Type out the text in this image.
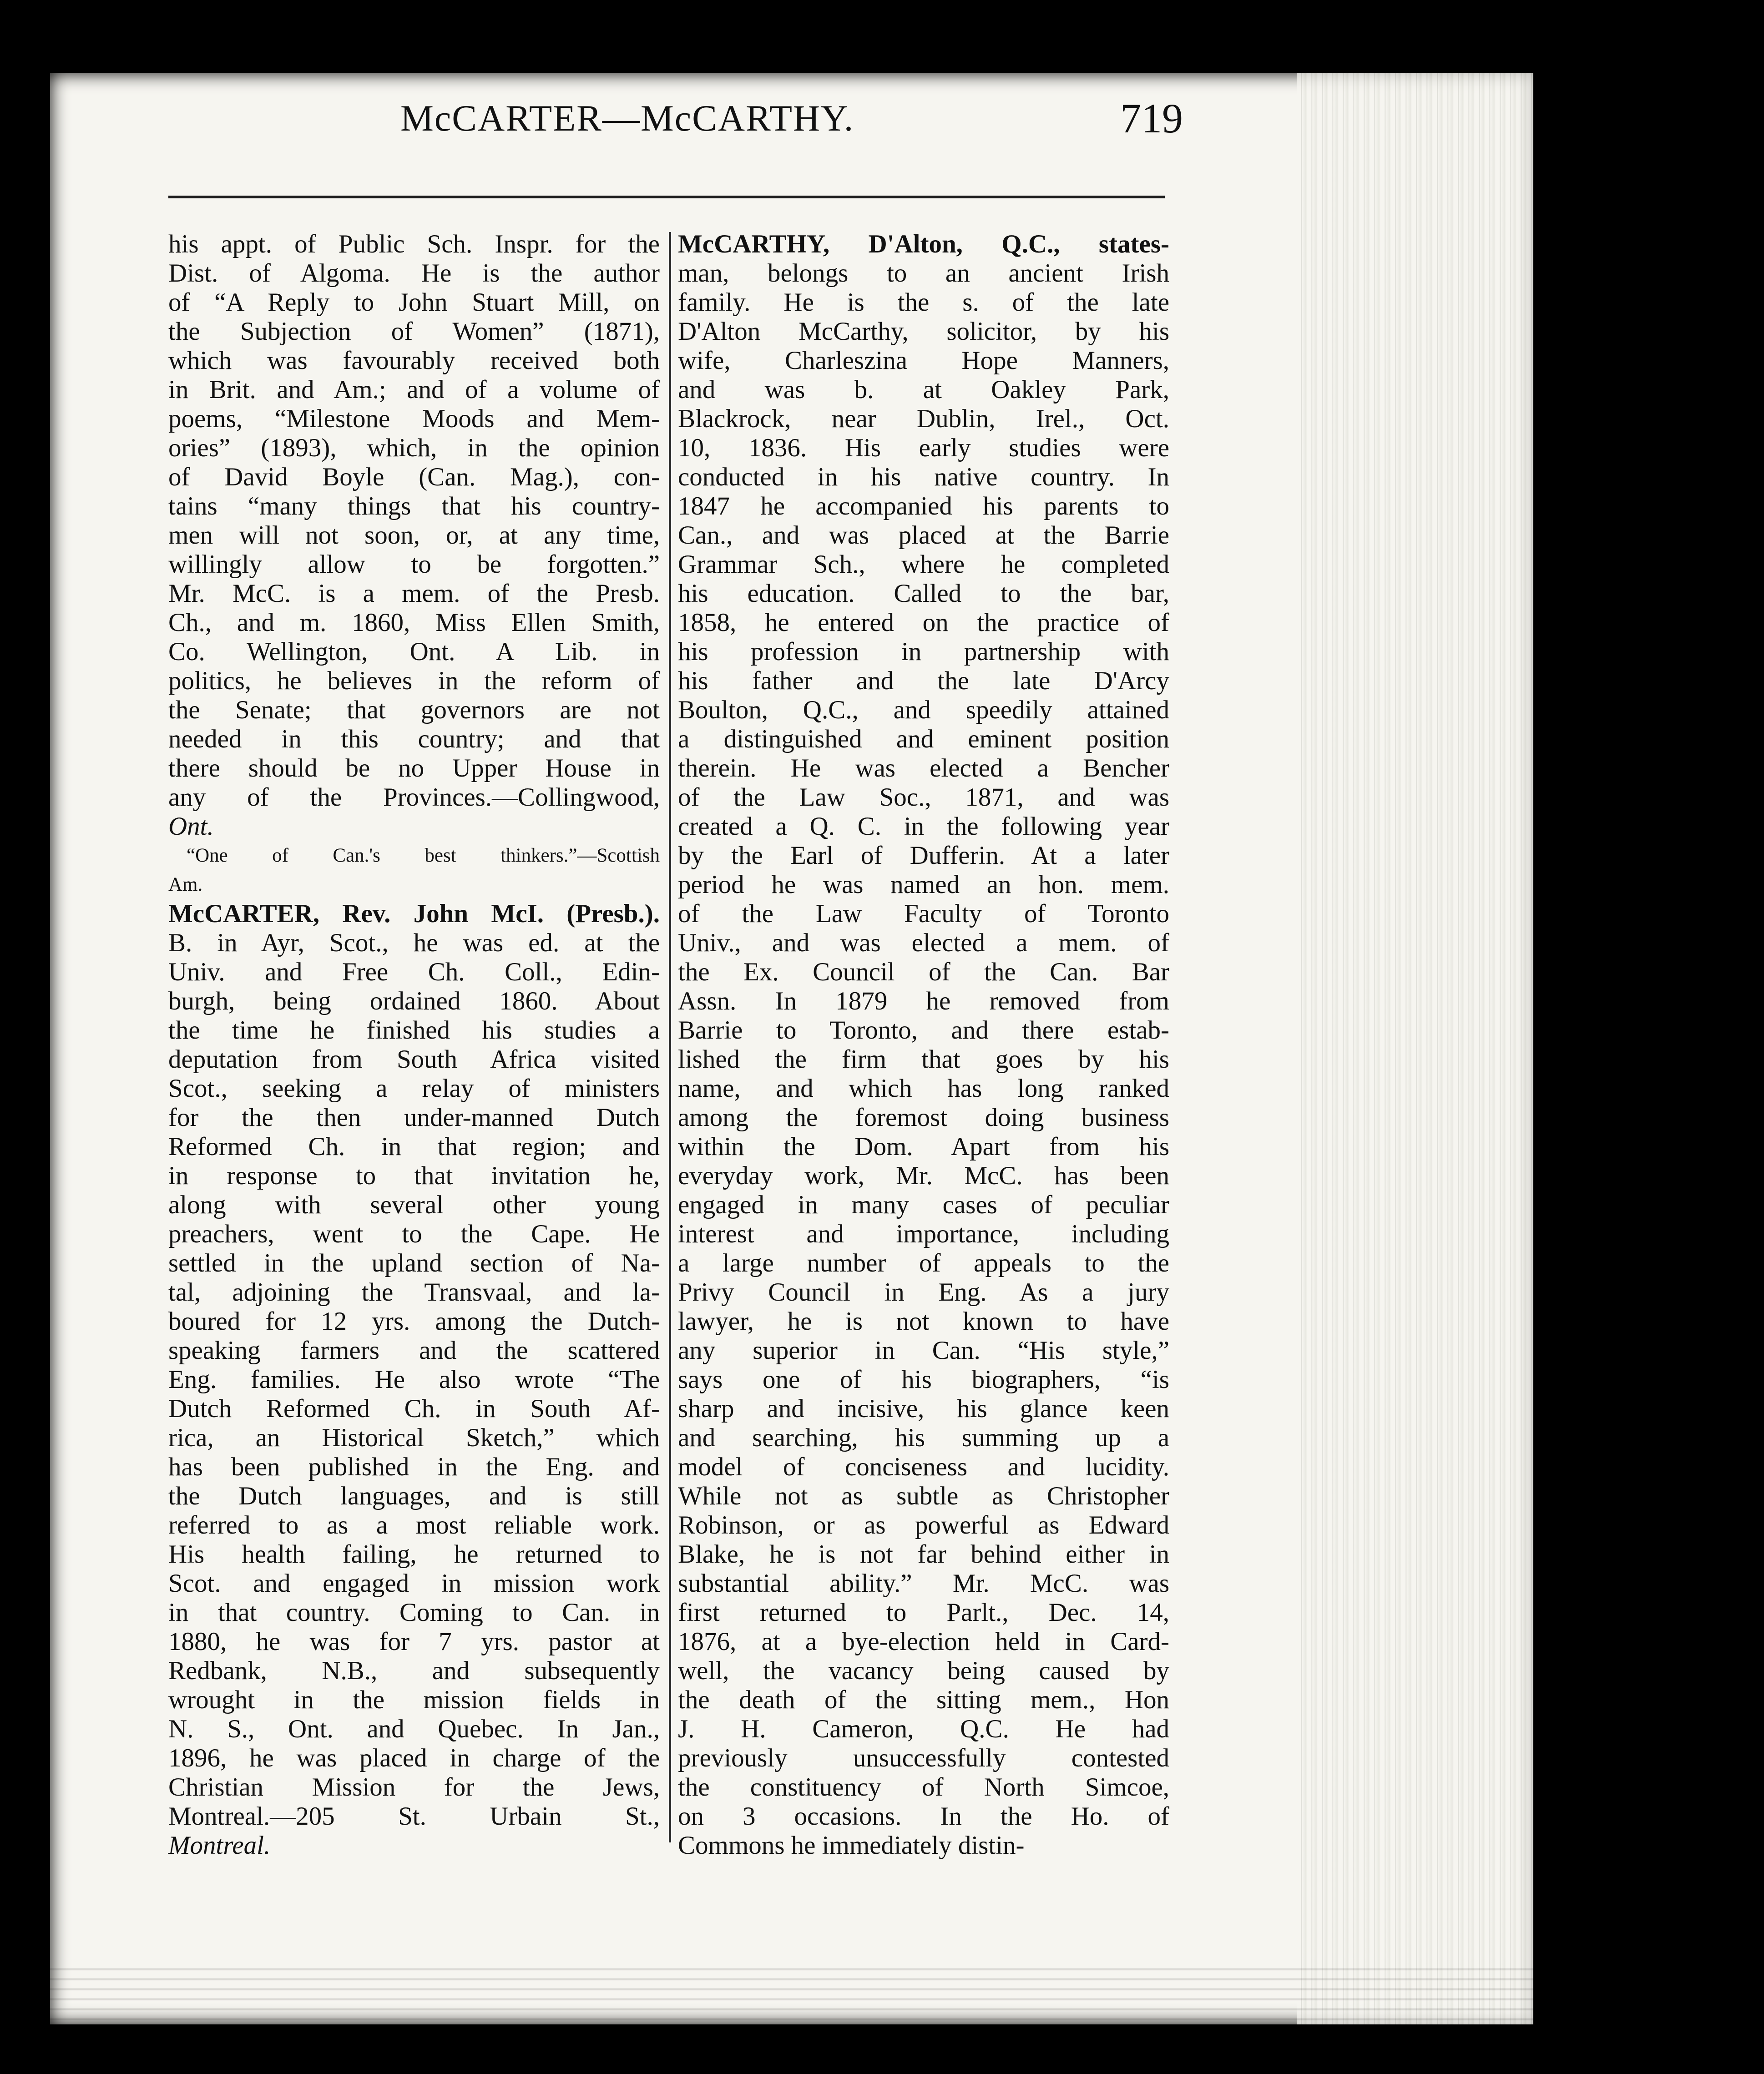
McCARTER—McCARTHY.	719
his appt. of Public Sch. Inspr. for the
Dist. of Algoma. He is the author
of “A Reply to John Stuart Mill, on
the Subjection of Women” (1871),
which was favourably received both
in Brit. and Am.; and of a volume of
poems, “Milestone Moods and Mem-
ories” (1893), which, in the opinion
of David Boyle (Can. Mag.), con-
tains “many things that his country-
men will not soon, or, at any time,
willingly allow to be forgotten.”
Mr. McC. is a mem. of the Presb.
Ch., and m. 1860, Miss Ellen Smith,
Co. Wellington, Ont. A Lib. in
politics, he believes in the reform of
the Senate; that governors are not
needed in this country; and that
there should be no Upper House in
any of the Provinces.—Collingwood,
Ont.
“One of Can.'s best thinkers.”—Scottish
Am.
McCARTER, Rev. John McI. (Presb.).
B. in Ayr, Scot., he was ed. at the
Univ. and Free Ch. Coll., Edin-
burgh, being ordained 1860. About
the time he finished his studies a
deputation from South Africa visited
Scot., seeking a relay of ministers
for the then under-manned Dutch
Reformed Ch. in that region; and
in response to that invitation he,
along with several other young
preachers, went to the Cape. He
settled in the upland section of Na-
tal, adjoining the Transvaal, and la-
boured for 12 yrs. among the Dutch-
speaking farmers and the scattered
Eng. families. He also wrote “The
Dutch Reformed Ch. in South Af-
rica, an Historical Sketch,” which
has been published in the Eng. and
the Dutch languages, and is still
referred to as a most reliable work.
His health failing, he returned to
Scot. and engaged in mission work
in that country. Coming to Can. in
1880, he was for 7 yrs. pastor at
Redbank, N.B., and subsequently
wrought in the mission fields in
N. S., Ont. and Quebec. In Jan.,
1896, he was placed in charge of the
Christian Mission for the Jews,
Montreal.—205 St. Urbain St.,
Montreal.
McCARTHY, D'Alton, Q.C., states-
man, belongs to an ancient Irish
family. He is the s. of the late
D'Alton McCarthy, solicitor, by his
wife, Charleszina Hope Manners,
and was b. at Oakley Park,
Blackrock, near Dublin, Irel., Oct.
10, 1836. His early studies were
conducted in his native country. In
1847 he accompanied his parents to
Can., and was placed at the Barrie
Grammar Sch., where he completed
his education. Called to the bar,
1858, he entered on the practice of
his profession in partnership with
his father and the late D'Arcy
Boulton, Q.C., and speedily attained
a distinguished and eminent position
therein. He was elected a Bencher
of the Law Soc., 1871, and was
created a Q. C. in the following year
by the Earl of Dufferin. At a later
period he was named an hon. mem.
of the Law Faculty of Toronto
Univ., and was elected a mem. of
the Ex. Council of the Can. Bar
Assn. In 1879 he removed from
Barrie to Toronto, and there estab-
lished the firm that goes by his
name, and which has long ranked
among the foremost doing business
within the Dom. Apart from his
everyday work, Mr. McC. has been
engaged in many cases of peculiar
interest and importance, including
a large number of appeals to the
Privy Council in Eng. As a jury
lawyer, he is not known to have
any superior in Can. “His style,”
says one of his biographers, “is
sharp and incisive, his glance keen
and searching, his summing up a
model of conciseness and lucidity.
While not as subtle as Christopher
Robinson, or as powerful as Edward
Blake, he is not far behind either in
substantial ability.” Mr. McC. was
first returned to Parlt., Dec. 14,
1876, at a bye-election held in Card-
well, the vacancy being caused by
the death of the sitting mem., Hon
J. H. Cameron, Q.C. He had
previously unsuccessfully contested
the constituency of North Simcoe,
on 3 occasions. In the Ho. of
Commons he immediately distin-
